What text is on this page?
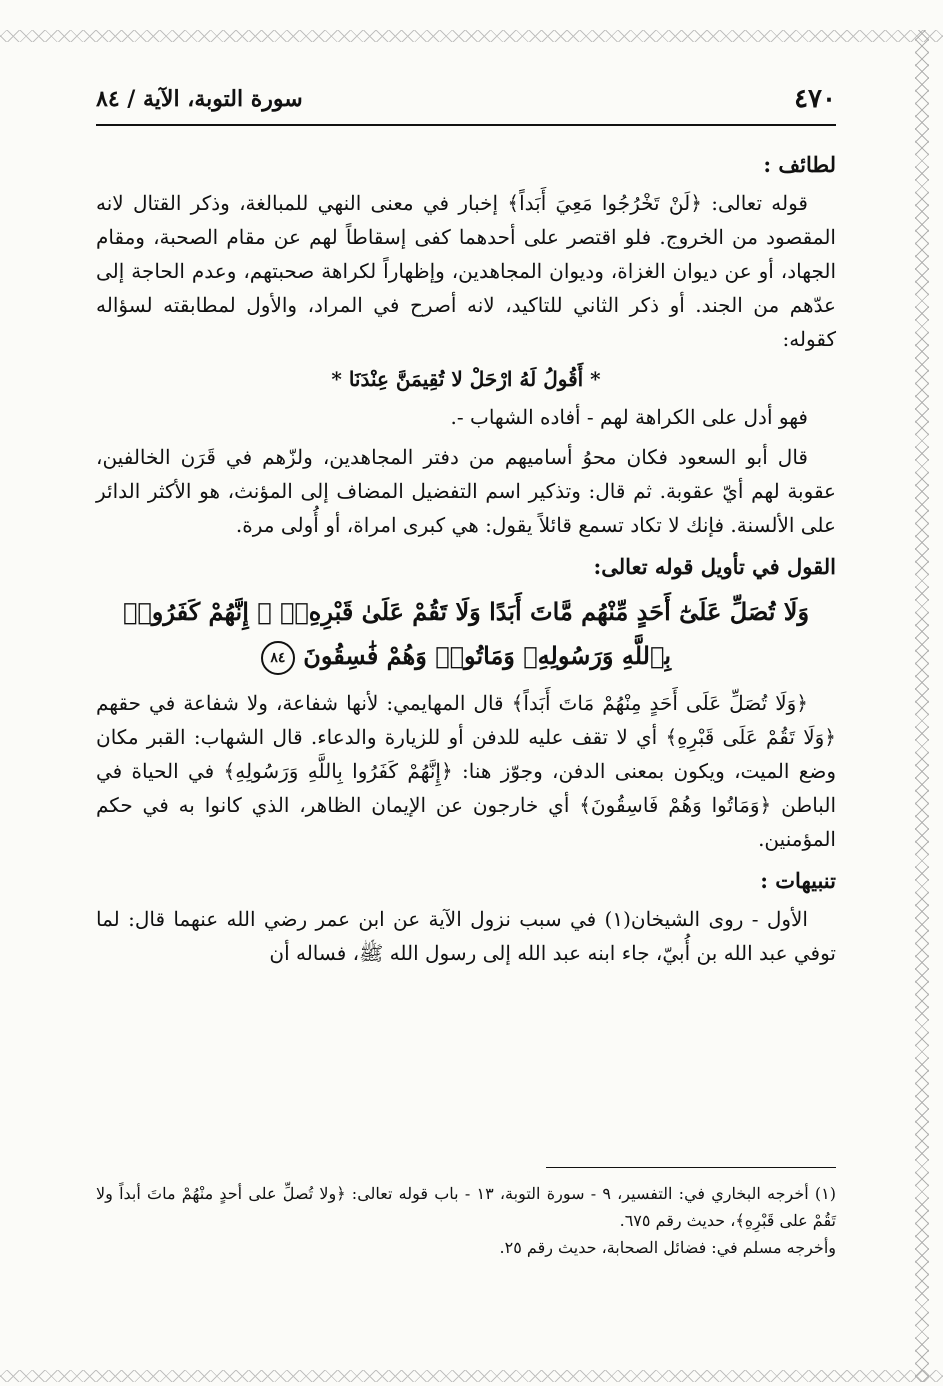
٤٧٠
سورة التوبة، الآية / ٨٤
لطائف :

قوله تعالى: ﴿لَنْ تَخْرُجُوا مَعِيَ أَبَداً﴾ إخبار في معنى النهي للمبالغة، وذكر القتال لانه المقصود من الخروج. فلو اقتصر على أحدهما كفى إسقاطاً لهم عن مقام الصحبة، ومقام الجهاد، أو عن ديوان الغزاة، وديوان المجاهدين، وإظهاراً لكراهة صحبتهم، وعدم الحاجة إلى عدّهم من الجند. أو ذكر الثاني للتاكيد، لانه أصرح في المراد، والأول لمطابقته لسؤاله كقوله:

* أَقُولُ لَهُ ارْحَلْ لا تُقِيمَنَّ عِنْدَنَا *

فهو أدل على الكراهة لهم - أفاده الشهاب -.

قال أبو السعود فكان محوُ أساميهم من دفتر المجاهدين، ولزّهم في قَرَن الخالفين، عقوبة لهم أيّ عقوبة. ثم قال: وتذكير اسم التفضيل المضاف إلى المؤنث، هو الأكثر الدائر على الألسنة. فإنك لا تكاد تسمع قائلاً يقول: هي كبرى امراة، أو أُولى مرة.

القول في تأويل قوله تعالى:
وَلَا تُصَلِّ عَلَىٰٓ أَحَدٍ مِّنْهُم مَّاتَ أَبَدًا وَلَا تَقُمْ عَلَىٰ قَبْرِهِۦٓ ۖ إِنَّهُمْ كَفَرُوا۟ بِٱللَّهِ وَرَسُولِهِۦ وَمَاتُوا۟ وَهُمْ فَٰسِقُونَ ٨٤

﴿وَلَا تُصَلِّ عَلَى أَحَدٍ مِنْهُمْ مَاتَ أَبَداً﴾ قال المهايمي: لأنها شفاعة، ولا شفاعة في حقهم ﴿وَلَا تَقُمْ عَلَى قَبْرِهِ﴾ أي لا تقف عليه للدفن أو للزيارة والدعاء. قال الشهاب: القبر مكان وضع الميت، ويكون بمعنى الدفن، وجوّز هنا: ﴿إِنَّهُمْ كَفَرُوا بِاللَّهِ وَرَسُولِهِ﴾ في الحياة في الباطن ﴿وَمَاتُوا وَهُمْ فَاسِقُونَ﴾ أي خارجون عن الإيمان الظاهر، الذي كانوا به في حكم المؤمنين.

تنبيهات :

الأول - روى الشيخان(١) في سبب نزول الآية عن ابن عمر رضي الله عنهما قال: لما توفي عبد الله بن أُبيّ، جاء ابنه عبد الله إلى رسول الله ﷺ، فساله أن

(١) أخرجه البخاري في: التفسير، ٩ - سورة التوبة، ١٣ - باب قوله تعالى: ﴿ولا تُصلِّ على أحدٍ منْهُمْ ماتَ أبداً ولا تَقُمْ على قَبْرِهِ﴾، حديث رقم ٦٧٥.

وأخرجه مسلم في: فضائل الصحابة، حديث رقم ٢٥.
